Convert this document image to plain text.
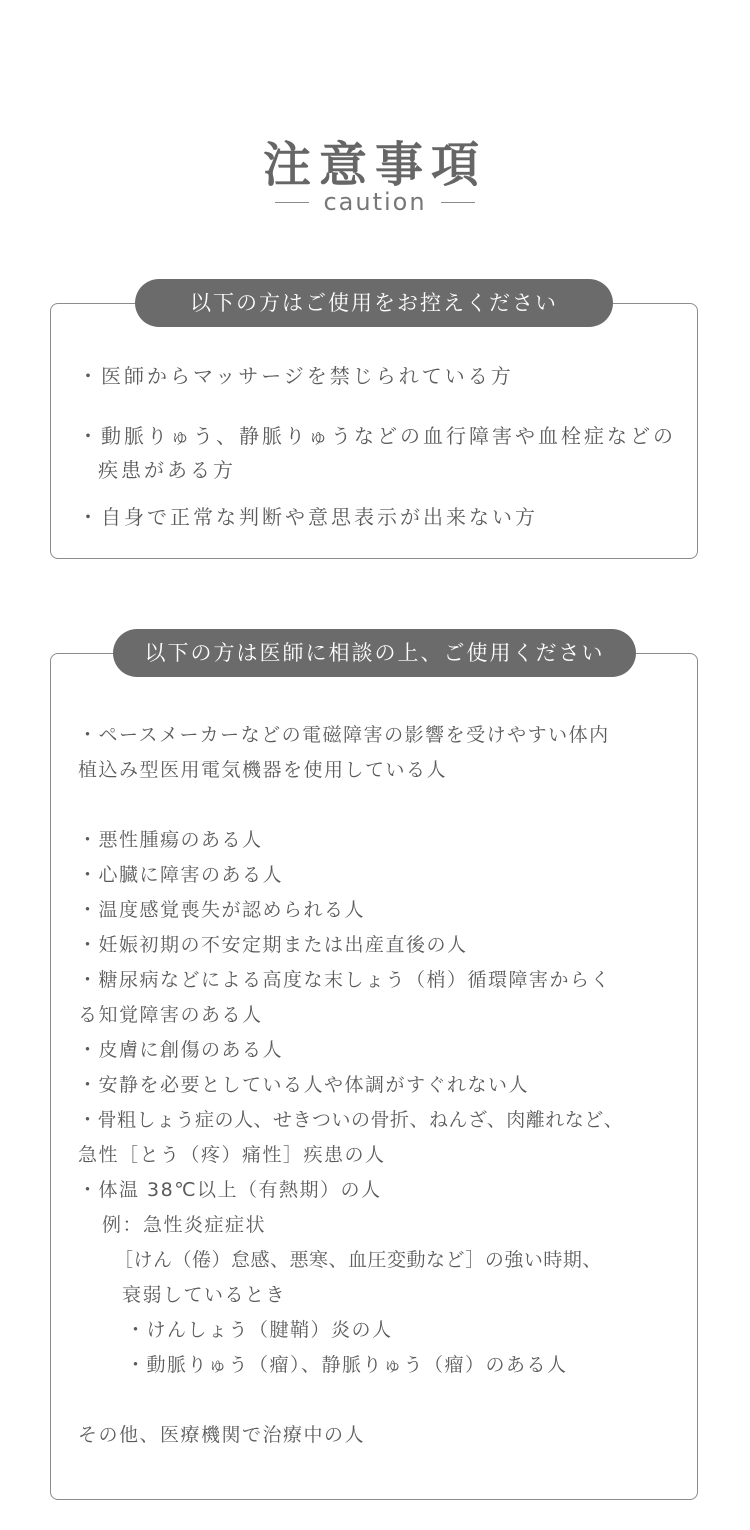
注意事項
caution
以下の方はご使用をお控えください
・医師からマッサージを禁じられている方
・動脈りゅう、静脈りゅうなどの血行障害や血栓症などの
疾患がある方
・自身で正常な判断や意思表示が出来ない方
以下の方は医師に相談の上、ご使用ください
・ペースメーカーなどの電磁障害の影響を受けやすい体内
植込み型医用電気機器を使用している人
・悪性腫瘍のある人
・心臓に障害のある人
・温度感覚喪失が認められる人
・妊娠初期の不安定期または出産直後の人
・糖尿病などによる高度な末しょう（梢）循環障害からく
る知覚障害のある人
・皮膚に創傷のある人
・安静を必要としている人や体調がすぐれない人
・骨粗しょう症の人、せきついの骨折、ねんざ、肉離れなど、
急性［とう（疼）痛性］疾患の人
・体温 38℃以上（有熱期）の人
例：急性炎症症状
［けん（倦）怠感、悪寒、血圧変動など］の強い時期、
衰弱しているとき
・けんしょう（腱鞘）炎の人
・動脈りゅう（瘤）、静脈りゅう（瘤）のある人
その他、医療機関で治療中の人
